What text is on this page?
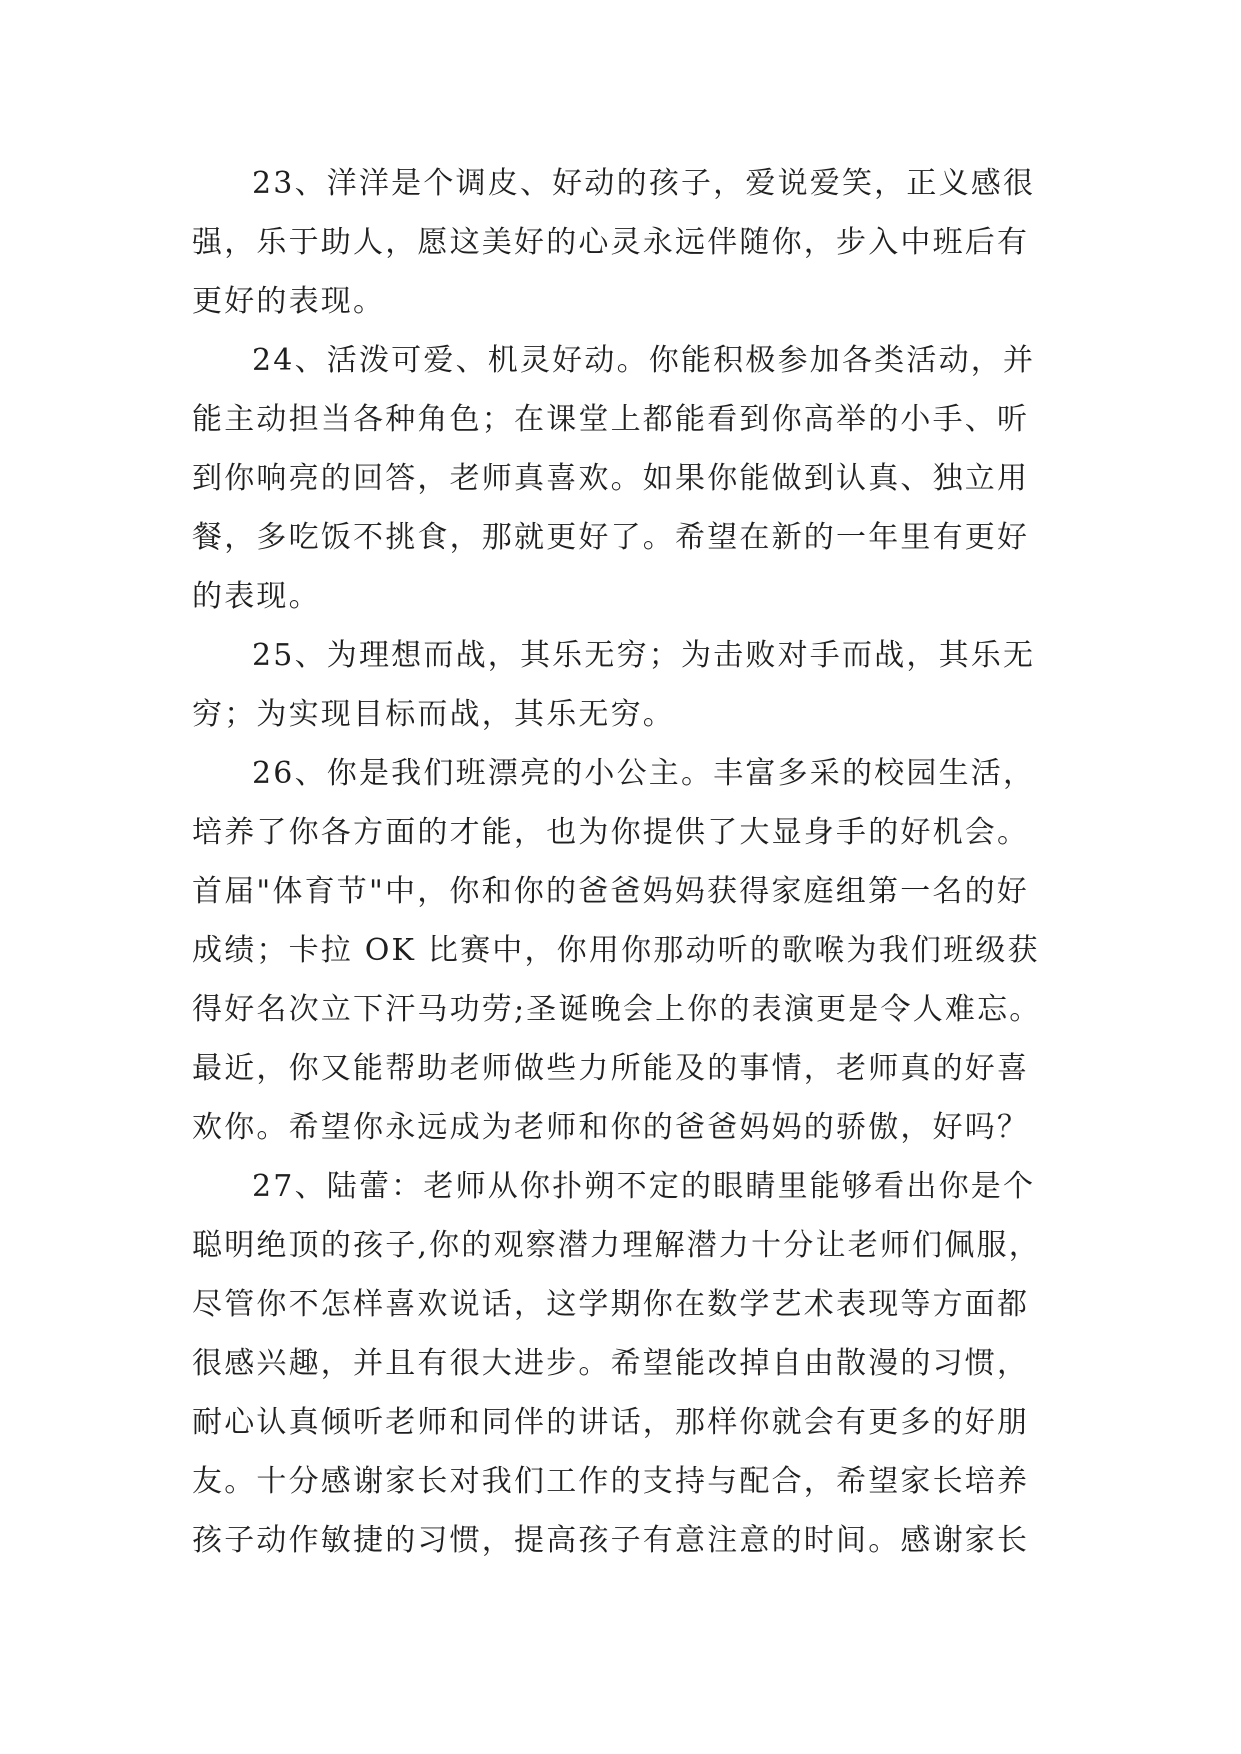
23、洋洋是个调皮、好动的孩子，爱说爱笑，正义感很
强，乐于助人，愿这美好的心灵永远伴随你，步入中班后有
更好的表现。
24、活泼可爱、机灵好动。你能积极参加各类活动，并
能主动担当各种角色；在课堂上都能看到你高举的小手、听
到你响亮的回答，老师真喜欢。如果你能做到认真、独立用
餐，多吃饭不挑食，那就更好了。希望在新的一年里有更好
的表现。
25、为理想而战，其乐无穷；为击败对手而战，其乐无
穷；为实现目标而战，其乐无穷。
26、你是我们班漂亮的小公主。丰富多采的校园生活，
培养了你各方面的才能，也为你提供了大显身手的好机会。
首届"体育节"中，你和你的爸爸妈妈获得家庭组第一名的好
成绩；卡拉 OK 比赛中，你用你那动听的歌喉为我们班级获
得好名次立下汗马功劳;圣诞晚会上你的表演更是令人难忘。
最近，你又能帮助老师做些力所能及的事情，老师真的好喜
欢你。希望你永远成为老师和你的爸爸妈妈的骄傲，好吗？
27、陆蕾：老师从你扑朔不定的眼睛里能够看出你是个
聪明绝顶的孩子,你的观察潜力理解潜力十分让老师们佩服，
尽管你不怎样喜欢说话，这学期你在数学艺术表现等方面都
很感兴趣，并且有很大进步。希望能改掉自由散漫的习惯，
耐心认真倾听老师和同伴的讲话，那样你就会有更多的好朋
友。十分感谢家长对我们工作的支持与配合，希望家长培养
孩子动作敏捷的习惯，提高孩子有意注意的时间。感谢家长
